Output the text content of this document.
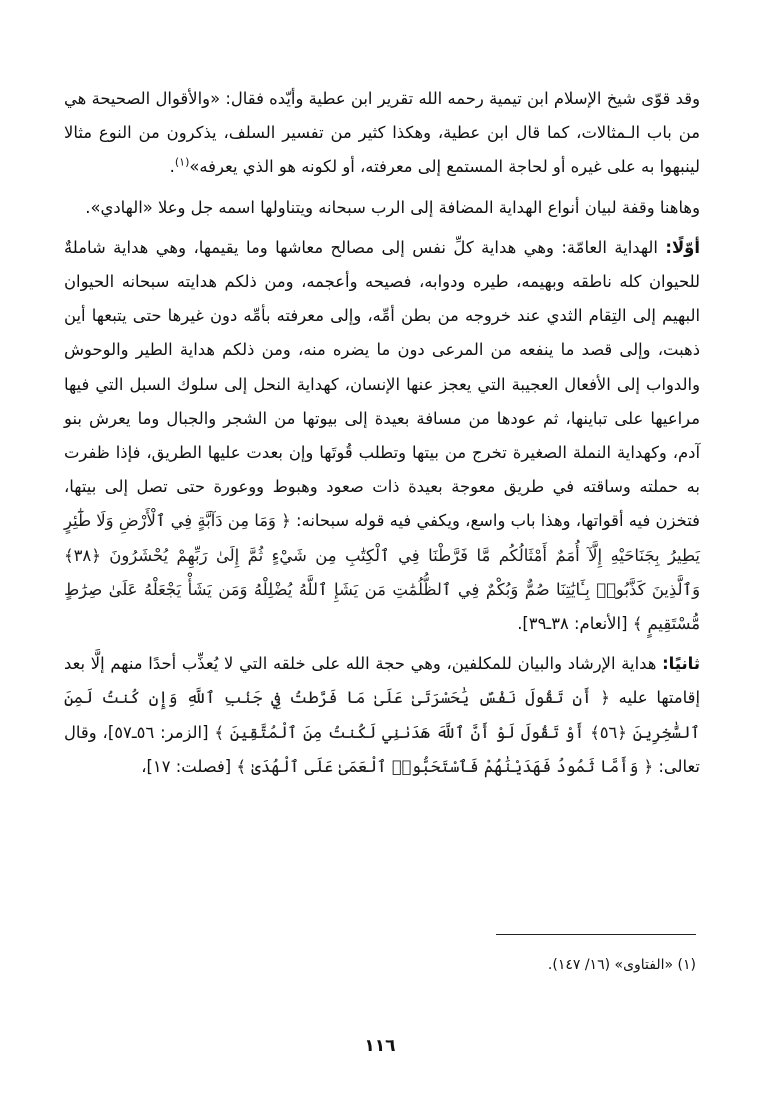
وقد قوّى شيخ الإسلام ابن تيمية رحمه الله تقرير ابن عطية وأيّده فقال: «والأقوال الصحيحة هي من باب الـمثالات، كما قال ابن عطية، وهكذا كثير من تفسير السلف، يذكرون من النوع مثالا لينبهوا به على غيره أو لحاجة المستمع إلى معرفته، أو لكونه هو الذي يعرفه»$^{(١)}$.

وهاهنا وقفة لبيان أنواع الهداية المضافة إلى الرب سبحانه ويتناولها اسمه جل وعلا «الهادي».

أوّلًا: الهداية العامّة: وهي هداية كلِّ نفس إلى مصالح معاشها وما يقيمها، وهي هداية شاملةٌ للحيوان كله ناطقه وبهيمه، طيره ودوابه، فصيحه وأعجمه، ومن ذلكم هدايته سبحانه الحيوان البهيم إلى التِقام الثدي عند خروجه من بطن أمِّه، وإلى معرفته بأمِّه دون غيرها حتى يتبعها أين ذهبت، وإلى قصد ما ينفعه من المرعى دون ما يضره منه، ومن ذلكم هداية الطير والوحوش والدواب إلى الأفعال العجيبة التي يعجز عنها الإنسان، كهداية النحل إلى سلوك السبل التي فيها مراعيها على تباينها، ثم عودها من مسافة بعيدة إلى بيوتها من الشجر والجبال وما يعرش بنو آدم، وكهداية النملة الصغيرة تخرج من بيتها وتطلب قُوتَها وإن بعدت عليها الطريق، فإذا ظفرت به حملته وساقته في طريق معوجة بعيدة ذات صعود وهبوط ووعورة حتى تصل إلى بيتها، فتخزن فيه أقواتها، وهذا باب واسع، ويكفي فيه قوله سبحانه: ﴿ وَمَا مِن دَآبَّةٍ فِي ٱلْأَرْضِ وَلَا طَٰٓئِرٍ يَطِيرُ بِجَنَاحَيْهِ إِلَّآ أُمَمٌ أَمْثَالُكُم مَّا فَرَّطْنَا فِي ٱلْكِتَٰبِ مِن شَيْءٍ ثُمَّ إِلَىٰ رَبِّهِمْ يُحْشَرُونَ ﴿٣٨﴾ وَٱلَّذِينَ كَذَّبُوا۟ بِـَٔايَٰتِنَا صُمٌّ وَبُكْمٌ فِي ٱلظُّلُمَٰتِ مَن يَشَإِ ٱللَّهُ يُضْلِلْهُ وَمَن يَشَأْ يَجْعَلْهُ عَلَىٰ صِرَٰطٍ مُّسْتَقِيمٍ ﴾ [الأنعام: ٣٨ـ٣٩].

ثانيًا: هداية الإرشاد والبيان للمكلفين، وهي حجة الله على خلقه التي لا يُعذِّب أحدًا منهم إلَّا بعد إقامتها عليه ﴿ أَن تَقُولَ نَفْسٌ يَٰحَسْرَتَىٰ عَلَىٰ مَا فَرَّطتُ فِي جَنۢبِ ٱللَّهِ وَإِن كُنتُ لَمِنَ ٱلسَّٰخِرِينَ ﴿٥٦﴾ أَوْ تَقُولَ لَوْ أَنَّ ٱللَّهَ هَدَىٰنِي لَكُنتُ مِنَ ٱلْمُتَّقِينَ ﴾ [الزمر: ٥٦ـ٥٧]، وقال تعالى: ﴿ وَأَمَّا ثَمُودُ فَهَدَيْنَٰهُمْ فَٱسْتَحَبُّوا۟ ٱلْعَمَىٰ عَلَى ٱلْهُدَىٰ ﴾ [فصلت: ١٧]،

(١) «الفتاوى» (١٦/ ١٤٧).
١١٦
